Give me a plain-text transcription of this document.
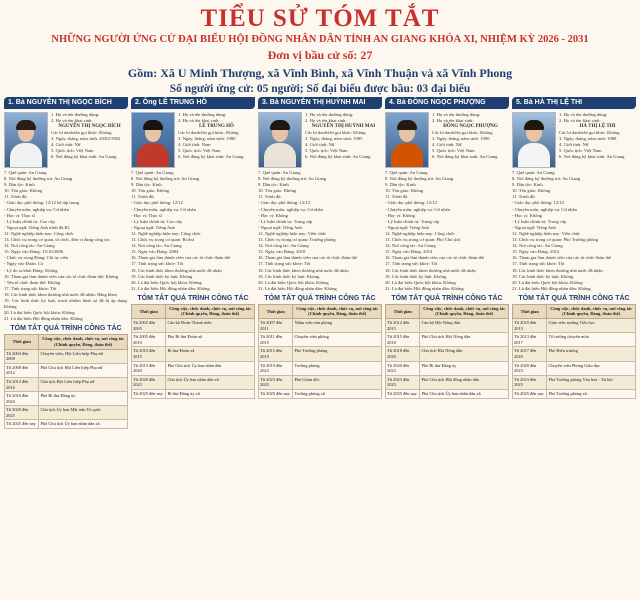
TIỂU SỬ TÓM TẮT
NHỮNG NGƯỜI ỨNG CỬ ĐẠI BIỂU HỘI ĐỒNG NHÂN DÂN TỈNH AN GIANG KHÓA XI, NHIỆM KỲ 2026 - 2031
Đơn vị bầu cử số: 27
Gồm: Xã U Minh Thượng, xã Vĩnh Bình, xã Vĩnh Thuận và xã Vĩnh Phong
Số người ứng cử: 05 người; Số đại biểu được bầu: 03 đại biểu
1. Bà NGUYỄN THỊ NGỌC BÍCH
1. Họ và tên thường dùng:
2. Họ và tên khai sinh:
NGUYỄN THỊ NGỌC BÍCH
Các bí danh/tên gọi khác: Không
3. Ngày, tháng, năm sinh: 20/02/1982
4. Giới tính: Nữ
5. Quốc tịch: Việt Nam
6. Nơi đăng ký khai sinh: An Giang

7. Quê quán: An Giang

8. Nơi đăng ký thường trú: An Giang

9. Dân tộc: Kinh

10. Tôn giáo: Không

11. Trình độ:

- Giáo dục phổ thông: 12/12 hệ tập trung

- Chuyên môn, nghiệp vụ: Cử nhân

- Học vị: Thạc sĩ

- Lý luận chính trị: Cao cấp

- Ngoại ngữ: Tiếng Anh trình độ B1

12. Nghề nghiệp hiện nay: Công chức

13. Chức vụ trong cơ quan, tổ chức, đơn vị đang công tác

14. Nơi công tác: An Giang

15. Ngày vào Đảng: 15/10/2006

- Chức vụ trong Đảng: Chi ủy viên

- Ngày vào Đoàn: Có

- Lý do ra khỏi Đảng: Không

16. Tham gia làm thành viên của các tổ chức đoàn thể: Không

- Tên tổ chức đoàn thể: Không

17. Tình trạng sức khỏe: Tốt

18. Các hình thức khen thưởng nhà nước đã nhận: Bằng khen

19. Các hình thức kỷ luật, trách nhiệm hình sự đã bị áp dụng: Không

20. Là đại biểu Quốc hội khóa: Không

21. Là đại biểu Hội đồng nhân dân: Không

TÓM TẮT QUÁ TRÌNH CÔNG TÁC
Thời gian	Công việc, chức danh, chức vụ, nơi công tác (Chính quyền, Đảng, đoàn thể)
Từ 2004 đến 2008	Chuyên viên, Hội Liên hiệp Phụ nữ
Từ 2008 đến 2012	Phó Chủ tịch Hội Liên hiệp Phụ nữ
Từ 2012 đến 2016	Chủ tịch Hội Liên hiệp Phụ nữ
Từ 2016 đến 2020	Phó Bí thư Đảng ủy
Từ 2020 đến 2025	Chủ tịch Ủy ban Mặt trận Tổ quốc
Từ 2025 đến nay	Phó Chủ tịch Ủy ban nhân dân xã
2. Ông LÊ TRUNG HỒ
1. Họ và tên thường dùng:
2. Họ và tên khai sinh:
LÊ TRUNG HỒ
Các bí danh/tên gọi khác: Không
3. Ngày, tháng, năm sinh: 1980
4. Giới tính: Nam
5. Quốc tịch: Việt Nam
6. Nơi đăng ký khai sinh: An Giang

7. Quê quán: An Giang

8. Nơi đăng ký thường trú: An Giang

9. Dân tộc: Kinh

10. Tôn giáo: Không

11. Trình độ:

- Giáo dục phổ thông: 12/12

- Chuyên môn, nghiệp vụ: Cử nhân

- Học vị: Thạc sĩ

- Lý luận chính trị: Cao cấp

- Ngoại ngữ: Tiếng Anh

12. Nghề nghiệp hiện nay: Công chức

13. Chức vụ trong cơ quan: Bí thư

14. Nơi công tác: An Giang

15. Ngày vào Đảng: 2004

16. Tham gia làm thành viên của các tổ chức đoàn thể

17. Tình trạng sức khỏe: Tốt

18. Các hình thức khen thưởng nhà nước đã nhận

19. Các hình thức kỷ luật: Không

20. Là đại biểu Quốc hội khóa: Không

21. Là đại biểu Hội đồng nhân dân: Không

TÓM TẮT QUÁ TRÌNH CÔNG TÁC
Thời gian	Công việc, chức danh, chức vụ, nơi công tác (Chính quyền, Đảng, đoàn thể)
Từ 2002 đến 2005	Cán bộ Đoàn Thanh niên
Từ 2005 đến 2010	Phó Bí thư Đoàn xã
Từ 2010 đến 2015	Bí thư Đoàn xã
Từ 2015 đến 2020	Phó Chủ tịch Ủy ban nhân dân
Từ 2020 đến 2025	Chủ tịch Ủy ban nhân dân xã
Từ 2025 đến nay	Bí thư Đảng ủy xã
3. Bà NGUYỄN THỊ HUỲNH MAI
1. Họ và tên thường dùng:
2. Họ và tên khai sinh:
NGUYỄN THỊ HUỲNH MAI
Các bí danh/tên gọi khác: Không
3. Ngày, tháng, năm sinh: 1985
4. Giới tính: Nữ
5. Quốc tịch: Việt Nam
6. Nơi đăng ký khai sinh: An Giang

7. Quê quán: An Giang

8. Nơi đăng ký thường trú: An Giang

9. Dân tộc: Kinh

10. Tôn giáo: Không

11. Trình độ:

- Giáo dục phổ thông: 12/12

- Chuyên môn, nghiệp vụ: Cử nhân

- Học vị: Không

- Lý luận chính trị: Trung cấp

- Ngoại ngữ: Tiếng Anh

12. Nghề nghiệp hiện nay: Viên chức

13. Chức vụ trong cơ quan: Trưởng phòng

14. Nơi công tác: An Giang

15. Ngày vào Đảng: 2010

16. Tham gia làm thành viên của các tổ chức đoàn thể

17. Tình trạng sức khỏe: Tốt

18. Các hình thức khen thưởng nhà nước đã nhận

19. Các hình thức kỷ luật: Không

20. Là đại biểu Quốc hội khóa: Không

21. Là đại biểu Hội đồng nhân dân: Không

TÓM TẮT QUÁ TRÌNH CÔNG TÁC
Thời gian	Công việc, chức danh, chức vụ, nơi công tác (Chính quyền, Đảng, đoàn thể)
Từ 2007 đến 2011	Nhân viên văn phòng
Từ 2011 đến 2015	Chuyên viên phòng
Từ 2015 đến 2019	Phó Trưởng phòng
Từ 2019 đến 2023	Trưởng phòng
Từ 2023 đến 2025	Phó Giám đốc
Từ 2025 đến nay	Trưởng phòng xã
4. Bà ĐỒNG NGỌC PHƯỢNG
1. Họ và tên thường dùng:
2. Họ và tên khai sinh:
ĐỒNG NGỌC PHƯỢNG
Các bí danh/tên gọi khác: Không
3. Ngày, tháng, năm sinh: 1990
4. Giới tính: Nữ
5. Quốc tịch: Việt Nam
6. Nơi đăng ký khai sinh: An Giang

7. Quê quán: An Giang

8. Nơi đăng ký thường trú: An Giang

9. Dân tộc: Kinh

10. Tôn giáo: Không

11. Trình độ:

- Giáo dục phổ thông: 12/12

- Chuyên môn, nghiệp vụ: Cử nhân

- Học vị: Không

- Lý luận chính trị: Trung cấp

- Ngoại ngữ: Tiếng Anh

12. Nghề nghiệp hiện nay: Công chức

13. Chức vụ trong cơ quan: Phó Chủ tịch

14. Nơi công tác: An Giang

15. Ngày vào Đảng: 2014

16. Tham gia làm thành viên của các tổ chức đoàn thể

17. Tình trạng sức khỏe: Tốt

18. Các hình thức khen thưởng nhà nước đã nhận

19. Các hình thức kỷ luật: Không

20. Là đại biểu Quốc hội khóa: Không

21. Là đại biểu Hội đồng nhân dân: Không

TÓM TẮT QUÁ TRÌNH CÔNG TÁC
Thời gian	Công việc, chức danh, chức vụ, nơi công tác (Chính quyền, Đảng, đoàn thể)
Từ 2012 đến 2015	Cán bộ Hội Nông dân
Từ 2015 đến 2018	Phó Chủ tịch Hội Nông dân
Từ 2018 đến 2020	Chủ tịch Hội Nông dân
Từ 2020 đến 2023	Phó Bí thư Đảng ủy
Từ 2023 đến 2025	Phó Chủ tịch Hội đồng nhân dân
Từ 2025 đến nay	Phó Chủ tịch Ủy ban nhân dân xã
5. Bà HÀ THỊ LỆ THI
1. Họ và tên thường dùng:
2. Họ và tên khai sinh:
HÀ THỊ LỆ THI
Các bí danh/tên gọi khác: Không
3. Ngày, tháng, năm sinh: 1988
4. Giới tính: Nữ
5. Quốc tịch: Việt Nam
6. Nơi đăng ký khai sinh: An Giang

7. Quê quán: An Giang

8. Nơi đăng ký thường trú: An Giang

9. Dân tộc: Kinh

10. Tôn giáo: Không

11. Trình độ:

- Giáo dục phổ thông: 12/12

- Chuyên môn, nghiệp vụ: Cử nhân

- Học vị: Không

- Lý luận chính trị: Trung cấp

- Ngoại ngữ: Tiếng Anh

12. Nghề nghiệp hiện nay: Viên chức

13. Chức vụ trong cơ quan: Phó Trưởng phòng

14. Nơi công tác: An Giang

15. Ngày vào Đảng: 2012

16. Tham gia làm thành viên của các tổ chức đoàn thể

17. Tình trạng sức khỏe: Tốt

18. Các hình thức khen thưởng nhà nước đã nhận

19. Các hình thức kỷ luật: Không

20. Là đại biểu Quốc hội khóa: Không

21. Là đại biểu Hội đồng nhân dân: Không

TÓM TẮT QUÁ TRÌNH CÔNG TÁC
Thời gian	Công việc, chức danh, chức vụ, nơi công tác (Chính quyền, Đảng, đoàn thể)
Từ 2010 đến 2013	Giáo viên trường Tiểu học
Từ 2013 đến 2017	Tổ trưởng chuyên môn
Từ 2017 đến 2020	Phó Hiệu trưởng
Từ 2020 đến 2023	Chuyên viên Phòng Giáo dục
Từ 2023 đến 2025	Phó Trưởng phòng Văn hóa - Xã hội
Từ 2025 đến nay	Phó Trưởng phòng xã
